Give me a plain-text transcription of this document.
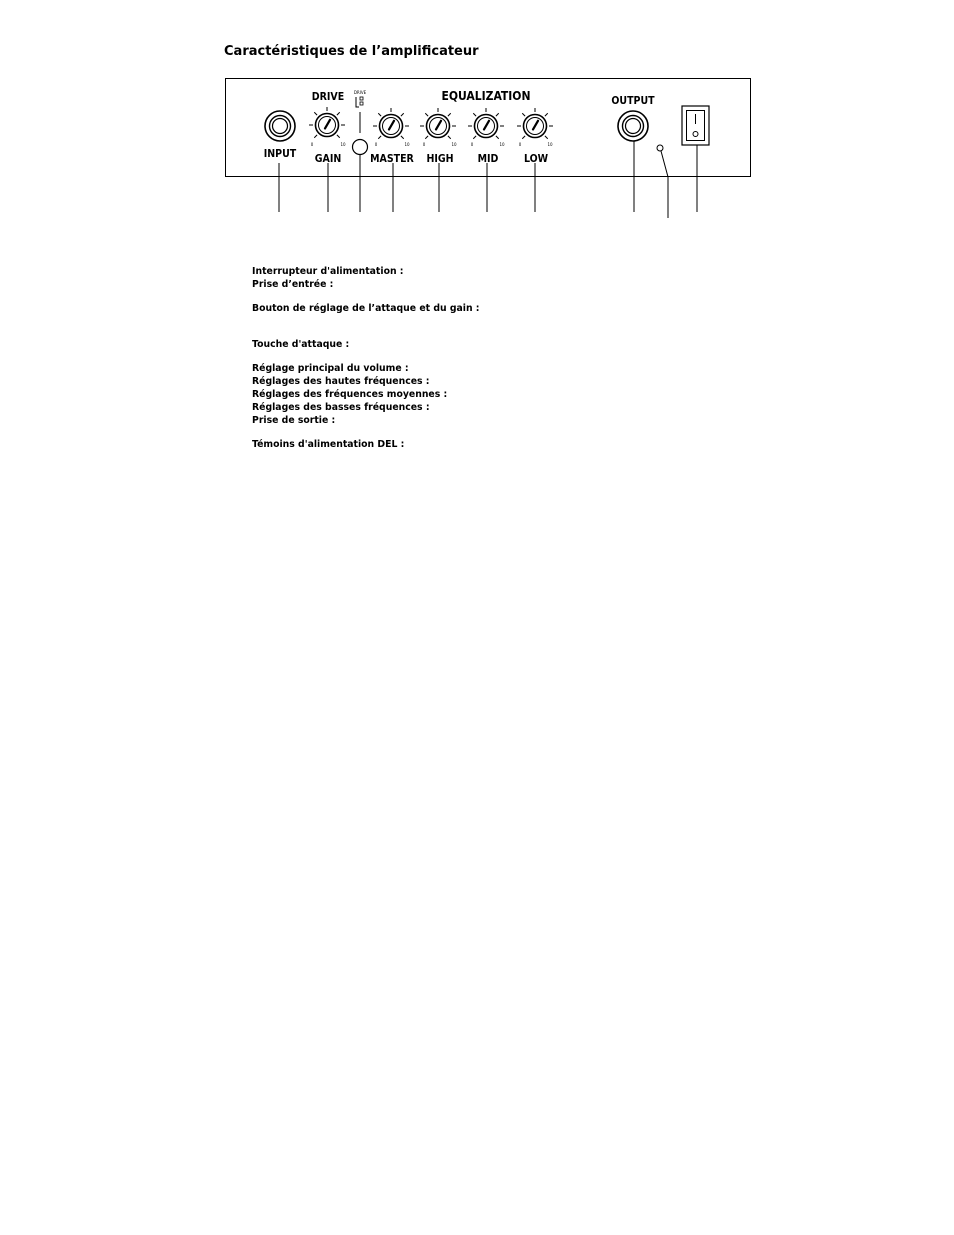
Caractéristiques de l’amplificateur
INPUT
DRIVE
0	10
GAIN
DRIVE
0	10
MASTER
EQUALIZATION
0	10
HIGH
0	10
MID
0	10
LOW
OUTPUT
Interrupteur d'alimentation :
Prise d’entrée :
Bouton de réglage de l’attaque et du gain :
Touche d'attaque :
Réglage principal du volume :
Réglages des hautes fréquences :
Réglages des fréquences moyennes :
Réglages des basses fréquences :
Prise de sortie :
Témoins d'alimentation DEL :
